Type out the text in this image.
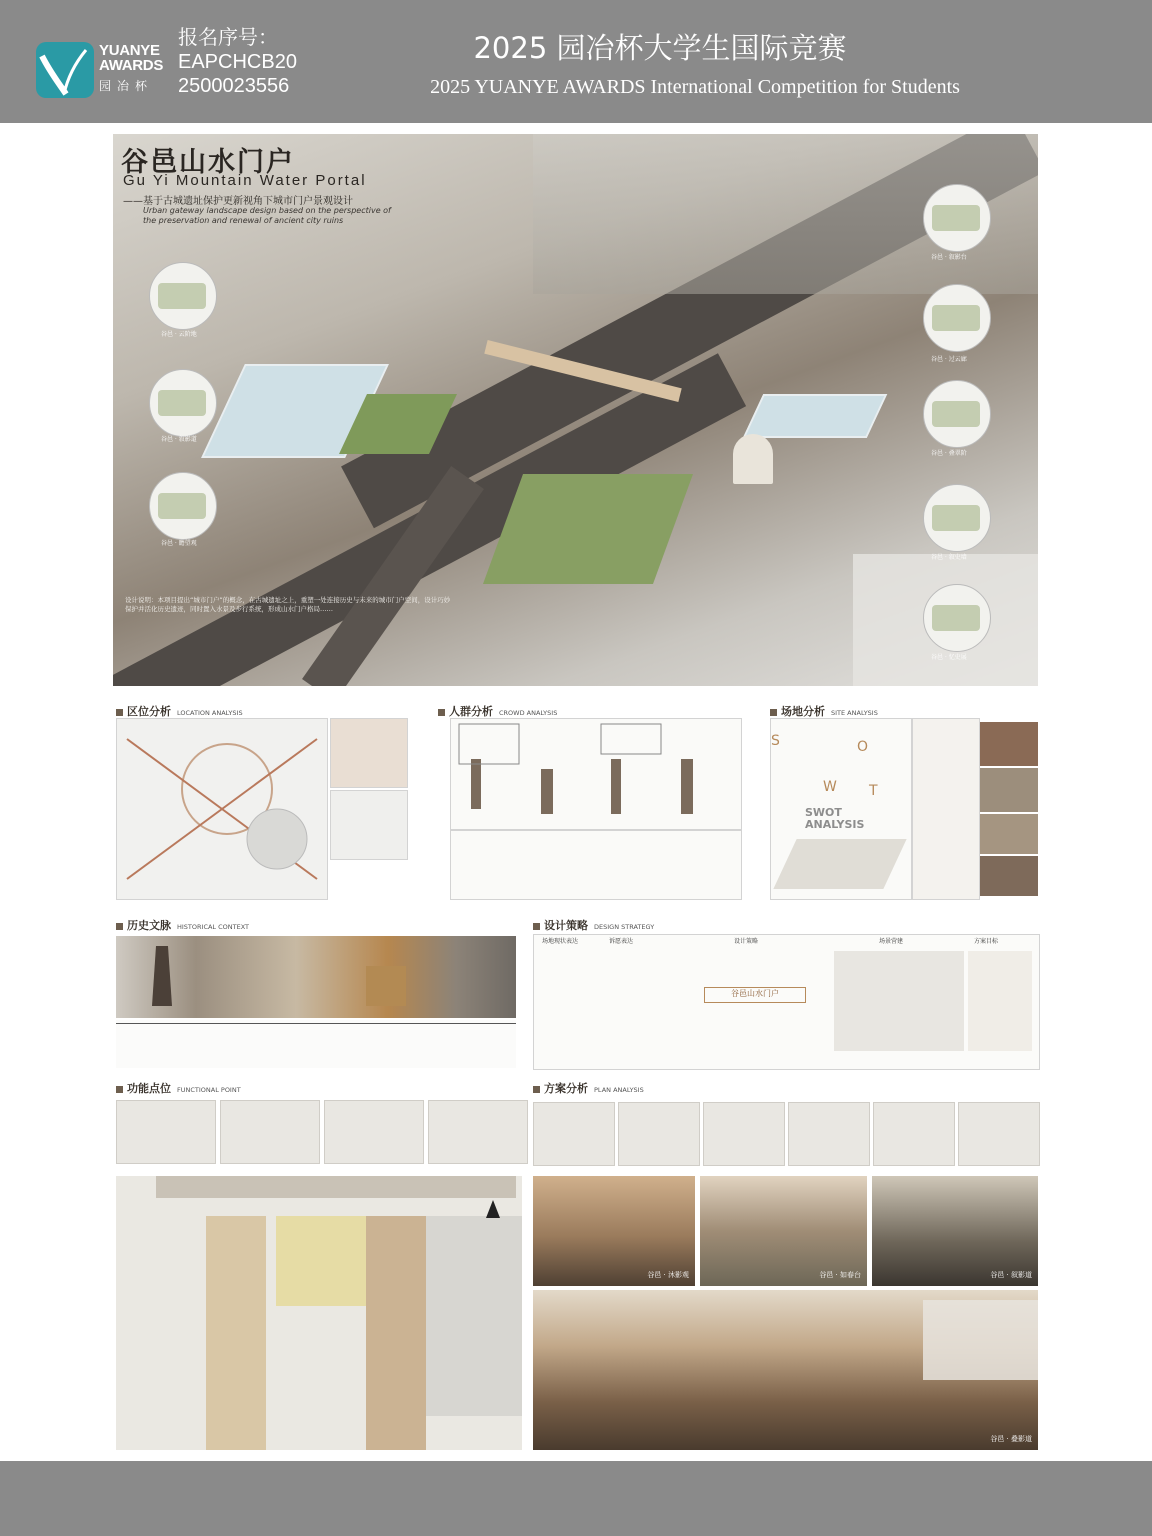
YUANYE AWARDS
园冶杯
报名序号：
EAPCHCB20
2500023556
2025 园冶杯大学生国际竞赛
2025 YUANYE AWARDS International Competition for Students
谷邑山水门户
Gu Yi Mountain Water Portal
——基于古城遗址保护更新视角下城市门户景观设计
Urban gateway landscape design based on the perspective of the preservation and renewal of ancient city ruins
谷邑 · 云阶地
谷邑 · 叙影道
谷邑 · 瞻望观
谷邑 · 叙影台
谷邑 · 过云廊
谷邑 · 叠翠阶
谷邑 · 叙史墙
谷邑 · 忆史展
设计说明：本项目提出“城市门户”的概念，在古城遗址之上，重塑一处连接历史与未来的城市门户空间，设计巧妙保护并活化历史遗迹，同时置入水景及步行系统，形成山水门户格局……
区位分析 LOCATION ANALYSIS	人群分析 CROWD ANALYSIS	场地分析 SITE ANALYSIS
S
W
O
T
SWOT ANALYSIS
历史文脉 HISTORICAL CONTEXT	设计策略 DESIGN STRATEGY
场地现状表达	诉愿表达	设计策略	场景营建	方案目标
谷邑山水门户
功能点位 FUNCTIONAL POINT	方案分析 PLAN ANALYSIS
谷邑 · 沐影观	谷邑 · 如春台	谷邑 · 叙影道
谷邑 · 叠影道
